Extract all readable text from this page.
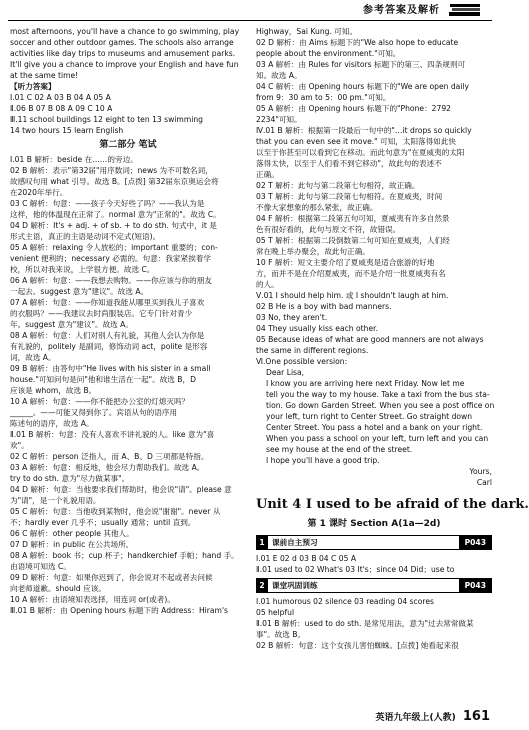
参考答案及解析
most afternoons, you'll have a chance to go swimming, play
soccer and other outdoor games. The schools also arrange
activities like day trips to museums and amusement parks.
It'll give you a chance to improve your English and have fun
at the same time!
【听力答案】
Ⅰ.01 C 02 A 03 B 04 A 05 A
Ⅱ.06 B 07 B 08 A 09 C 10 A
Ⅲ.11 school buildings 12 eight to ten 13 swimming
14 two hours 15 learn English
第二部分 笔试
Ⅰ.01 B 解析：beside 在……的旁边。
02 B 解析：表示"第32届"用序数词；news 为不可数名词，
故感叹句用 what 引导。故选 B。[点拨] 第32届东京奥运会将
在2020年举行。
03 C 解析：句意：——孩子今天好些了吗？——我认为是
这样，他的体温现在正常了。normal 意为"正常的"。故选 C。
04 D 解析：It's + adj. + of sb. + to do sth. 句式中，it 是
形式主语，真正的主语是动词不定式(短语)。
05 A 解析：relaxing 令人放松的；important 重要的；con-
venient 便利的；necessary 必需的。句意：我家紧挨着学
校，所以对我来说，上学很方便。故选 C。
06 A 解析：句意：——我想去购物。——你应该与你的朋友
一起去。suggest 意为"建议"。故选 A。
07 A 解析：句意：——你知道我能从哪里买到我儿子喜欢
的衣服吗？——我建议去时尚服装店。它专门针对青少
年。suggest 意为"建议"。故选 A。
08 A 解析：句意：人们对别人有礼貌，其他人会认为你是
有礼貌的，politely 是副词，修饰动词 act，polite 是形容
词，故选 A。
09 B 解析：由答句中"He lives with his sister in a small
house."可知问句是问"他和谁生活在一起"。故选 B，D
应该是 whom，故选 B。
10 A 解析：句意：——你不能把办公室的灯熄灭吗？
______。——可能又得到你了。宾语从句的语序用
陈述句的语序，故选 A。
Ⅱ.01 B 解析：句意：没有人喜欢不讲礼貌的人。like 意为"喜
欢"。
02 C 解析：person 泛指人，而 A、B、D 三项都是特指。
03 A 解析：句意：相反地，他会尽力帮助我们。故选 A。
try to do sth. 意为"尽力做某事"。
04 D 解析：句意：当他要求我们帮助时，他会说"请"。please 意
为"请"，是一个礼貌用语。
05 C 解析：句意：当他收到某物时，他会说"谢谢"。never 从
不；hardly ever 几乎不；usually 通常；until 直到。
06 C 解析：other people 其他人。
07 D 解析：in public 在公共场所。
08 A 解析：book 书；cup 杯子；handkerchief 手帕；hand 手。
由语境可知选 C。
09 D 解析：句意：如果你迟到了，你会说对不起或者去问候
向老师道歉。should 应该。
10 A 解析：由语境知表选择，用连词 or(或者)。
Ⅲ.01 B 解析：由 Opening hours 标题下的 Address：Hiram's
Highway，Sai Kung. 可知。
02 D 解析：由 Aims 标题下的"We also hope to educate
people about the environment."可知。
03 A 解析：由 Rules for visitors 标题下的第三、四条规则可
知。故选 A。
04 C 解析：由 Opening hours 标题下的"We are open daily
from 9：30 am to 5：00 pm."可知。
05 A 解析：由 Opening hours 标题下的"Phone：2792
2234"可知。
Ⅳ.01 B 解析：根据第一段最后一句中的"…it drops so quickly
that you can even see it move." 可知，太阳落得如此快
以至于你甚至可以看到它在移动。而此句意为"在夏威夷的太阳
落得太快，以至于人们看不到它移动"，故此句的表述不
正确。
02 T 解析：此句与第二段第七句相符，故正确。
03 T 解析：此句与第二段第七句相符。在夏威夷，时间
不像大家想象的那么紧张，故正确。
04 F 解析：根据第二段第五句可知，夏威夷有许多自然景
色有很好看的，此句与原文不符，故错误。
05 T 解析：根据第二段倒数第二句可知在夏威夷，人们经
常在晚上举办聚会，故此句正确。
10 F 解析：短文主要介绍了夏威夷是适合旅游的好地
方，而并不是在介绍夏威夷，而不是介绍一批夏威夷有名
的人。
Ⅴ.01 I should help him. 或 I shouldn't laugh at him.
02 B He is a boy with bad manners.
03 No, they aren't.
04 They usually kiss each other.
05 Because ideas of what are good manners are not always
the same in different regions.
Ⅵ.One possible version:
Dear Lisa,
I know you are arriving here next Friday. Now let me
tell you the way to my house. Take a taxi from the bus sta-
tion. Go down Garden Street. When you see a post office on
your left, turn right to Center Street. Go straight down
Center Street. You pass a hotel and a bank on your right.
When you pass a school on your left, turn left and you can
see my house at the end of the street.
I hope you'll have a good trip.
Yours,
Carl
Unit 4 I used to be afraid of the dark.
第 1 课时 Section A(1a—2d)
1 课前自主预习	P043
Ⅰ.01 E 02 d 03 B 04 C 05 A
Ⅱ.01 used to 02 What's 03 It's；since 04 Did；use to
2 课堂巩固训练	P043
Ⅰ.01 humorous 02 silence 03 reading 04 scores
05 helpful
Ⅱ.01 B 解析：used to do sth. 是常见用法，意为"过去常常做某
事"。故选 B。
02 B 解析：句意：这个女孩儿害怕蜘蛛。[点拨] 她看起来很
英语九年级上(人教) 161
